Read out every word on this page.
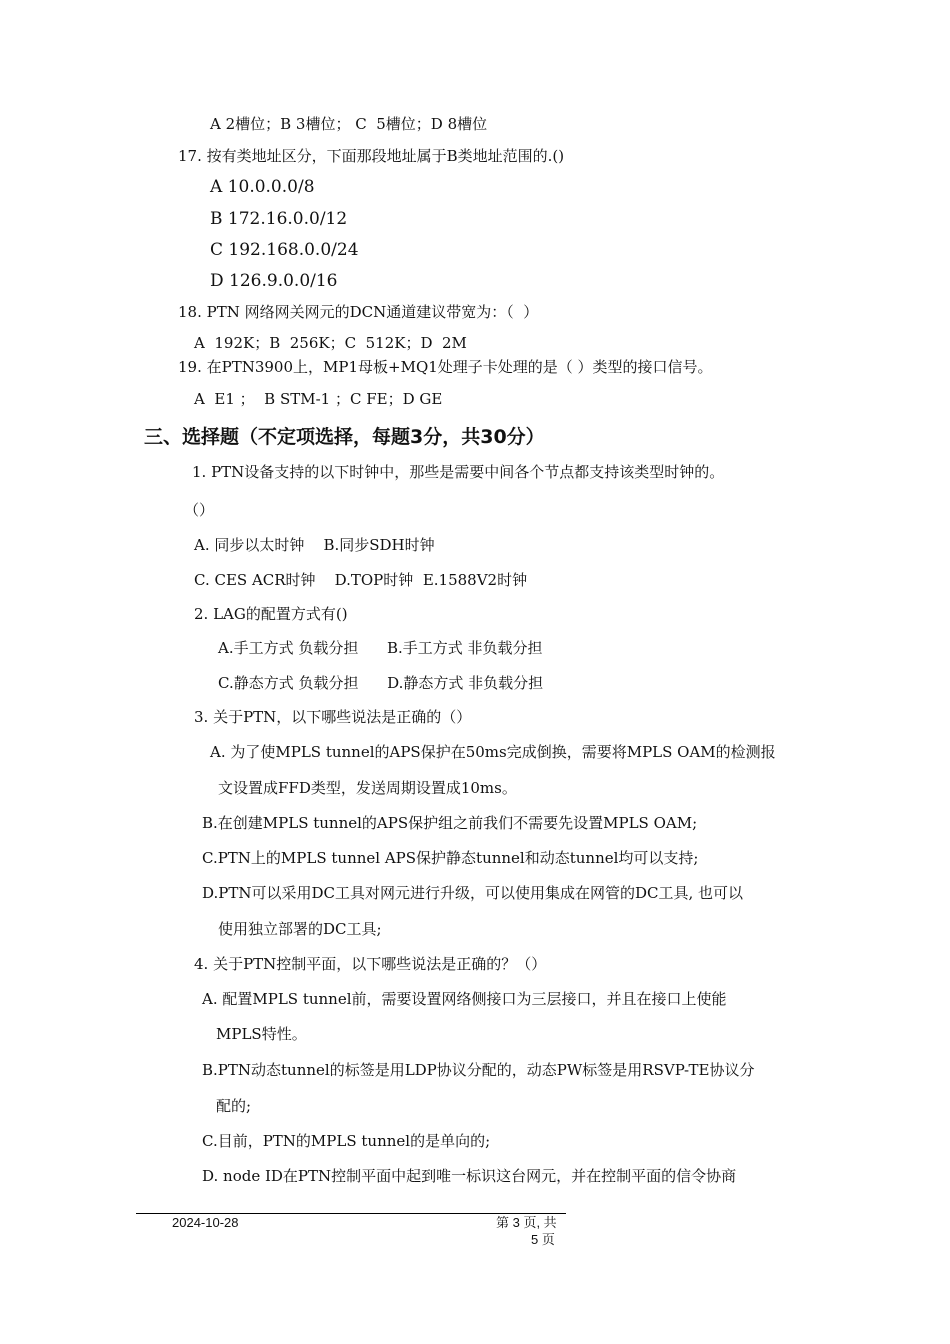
A 2槽位；B 3槽位； C  5槽位；D 8槽位
17. 按有类地址区分，下面那段地址属于B类地址范围的.()
A 10.0.0.0/8
B 172.16.0.0/12
C 192.168.0.0/24
D 126.9.0.0/16
18. PTN 网络网关网元的DCN通道建议带宽为：（  ）
A  192K；B  256K；C  512K；D  2M
19. 在PTN3900上，MP1母板+MQ1处理子卡处理的是（ ）类型的接口信号。
A  E1 ；  B STM-1 ；C FE；D GE
三、选择题（不定项选择，每题3分，共30分）
1. PTN设备支持的以下时钟中，那些是需要中间各个节点都支持该类型时钟的。
（）
A. 同步以太时钟    B.同步SDH时钟
C. CES ACR时钟    D.TOP时钟  E.1588V2时钟
2. LAG的配置方式有()
A.手工方式 负载分担      B.手工方式 非负载分担
C.静态方式 负载分担      D.静态方式 非负载分担
3. 关于PTN，以下哪些说法是正确的（）
A. 为了使MPLS tunnel的APS保护在50ms完成倒换，需要将MPLS OAM的检测报
文设置成FFD类型，发送周期设置成10ms。
B.在创建MPLS tunnel的APS保护组之前我们不需要先设置MPLS OAM;
C.PTN上的MPLS tunnel APS保护静态tunnel和动态tunnel均可以支持;
D.PTN可以采用DC工具对网元进行升级，可以使用集成在网管的DC工具, 也可以
使用独立部署的DC工具;
4. 关于PTN控制平面，以下哪些说法是正确的？（）
A. 配置MPLS tunnel前，需要设置网络侧接口为三层接口，并且在接口上使能
MPLS特性。
B.PTN动态tunnel的标签是用LDP协议分配的，动态PW标签是用RSVP-TE协议分
配的;
C.目前，PTN的MPLS tunnel的是单向的;
D. node ID在PTN控制平面中起到唯一标识这台网元，并在控制平面的信令协商
2024-10-28	第 3 页, 共
5 页
